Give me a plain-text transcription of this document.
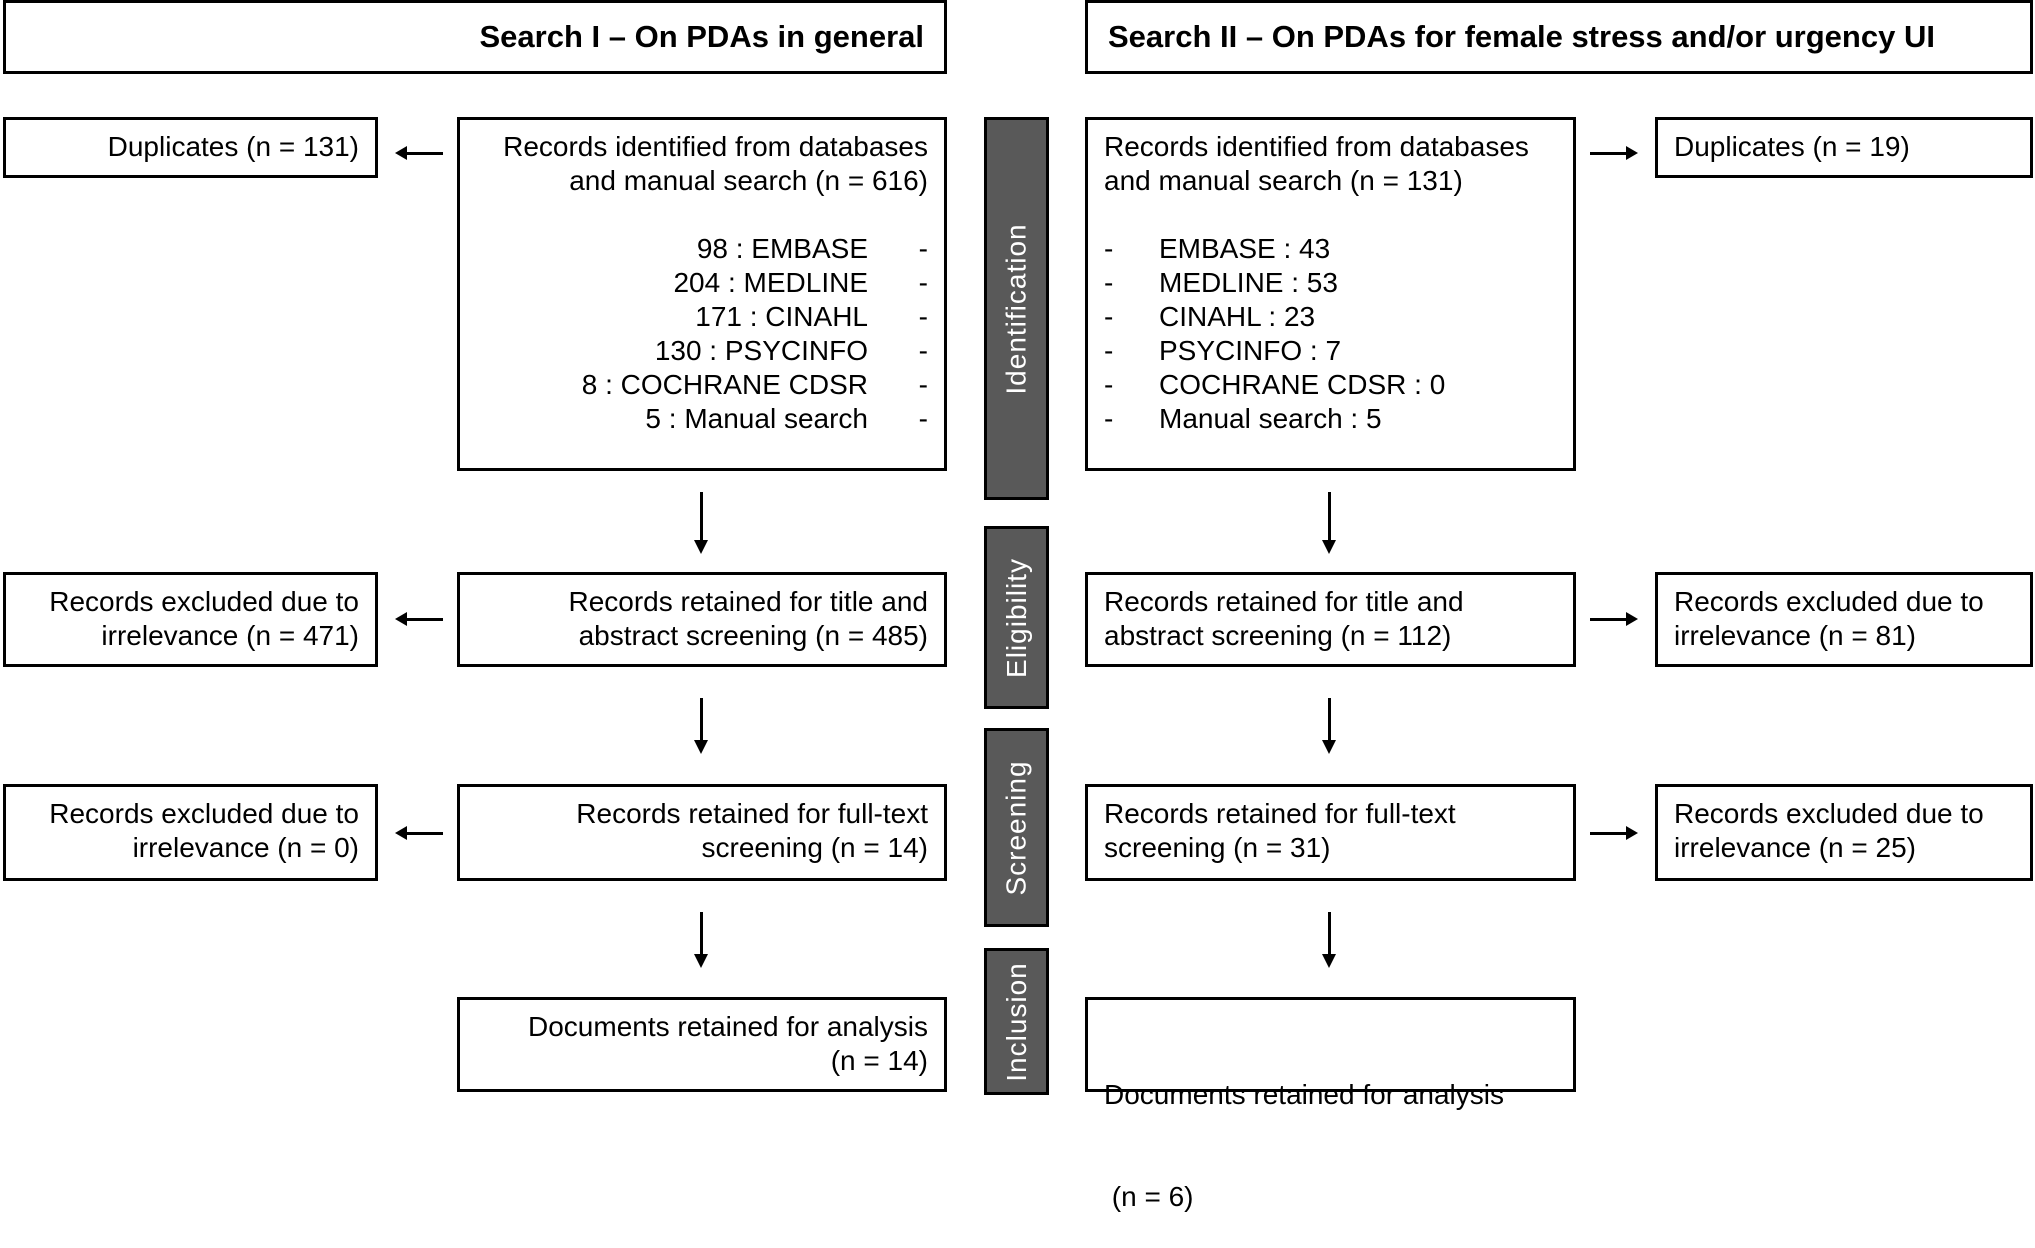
Search I – On PDAs in general	Search II – On PDAs for female stress and/or urgency UI
Identification
Eligibility
Screening
Inclusion
Duplicates (n = 131)	Records identified from databases
and manual search (n = 616)
98 : EMBASE	-
204 : MEDLINE	-
171 : CINAHL	-
130 : PSYCINFO	-
8 : COCHRANE CDSR	-
5 : Manual search	-
Records excluded due to
irrelevance (n = 471)
Records retained for title and
abstract screening (n = 485)
Records excluded due to
irrelevance (n = 0)
Records retained for full-text
screening (n = 14)
Documents retained for analysis
(n = 14)
Records identified from databases
and manual search (n = 131)
-	EMBASE : 43
-	MEDLINE : 53
-	CINAHL : 23
-	PSYCINFO : 7
-	COCHRANE CDSR : 0
-	Manual search : 5
Duplicates (n = 19)
Records retained for title and
abstract screening (n = 112)
Records excluded due to
irrelevance (n = 81)
Records retained for full-text
screening (n = 31)
Records excluded due to
irrelevance (n = 25)

Documents retained for analysis

(n = 6)
